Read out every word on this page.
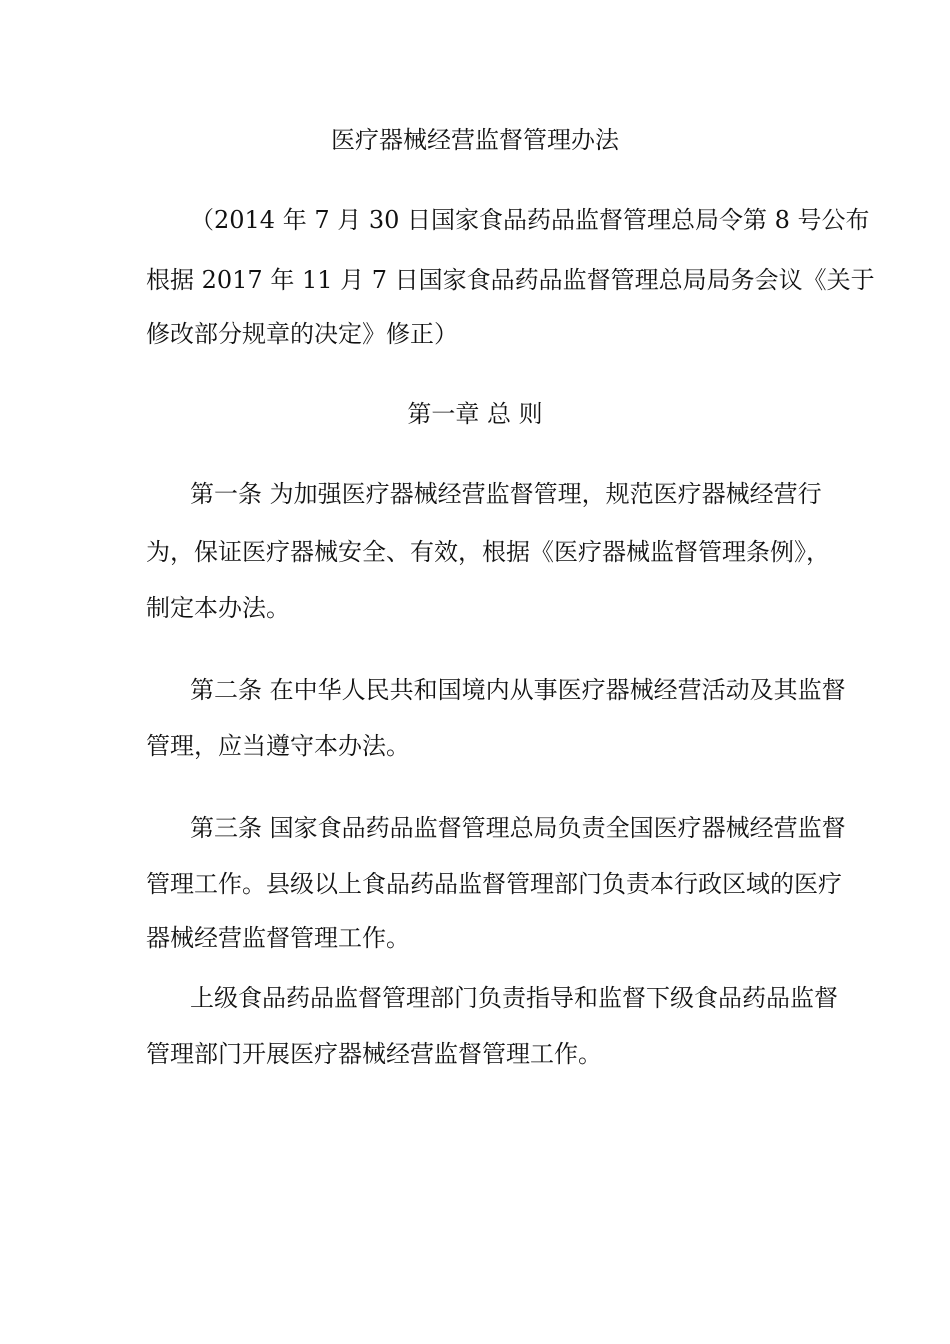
医疗器械经营监督管理办法
（2014 年 7 月 30 日国家食品药品监督管理总局令第 8 号公布
根据 2017 年 11 月 7 日国家食品药品监督管理总局局务会议《关于
修改部分规章的决定》修正）
第一章 总 则
第一条 为加强医疗器械经营监督管理，规范医疗器械经营行
为，保证医疗器械安全、有效，根据《医疗器械监督管理条例》，
制定本办法。
第二条 在中华人民共和国境内从事医疗器械经营活动及其监督
管理，应当遵守本办法。
第三条 国家食品药品监督管理总局负责全国医疗器械经营监督
管理工作。县级以上食品药品监督管理部门负责本行政区域的医疗
器械经营监督管理工作。
上级食品药品监督管理部门负责指导和监督下级食品药品监督
管理部门开展医疗器械经营监督管理工作。
